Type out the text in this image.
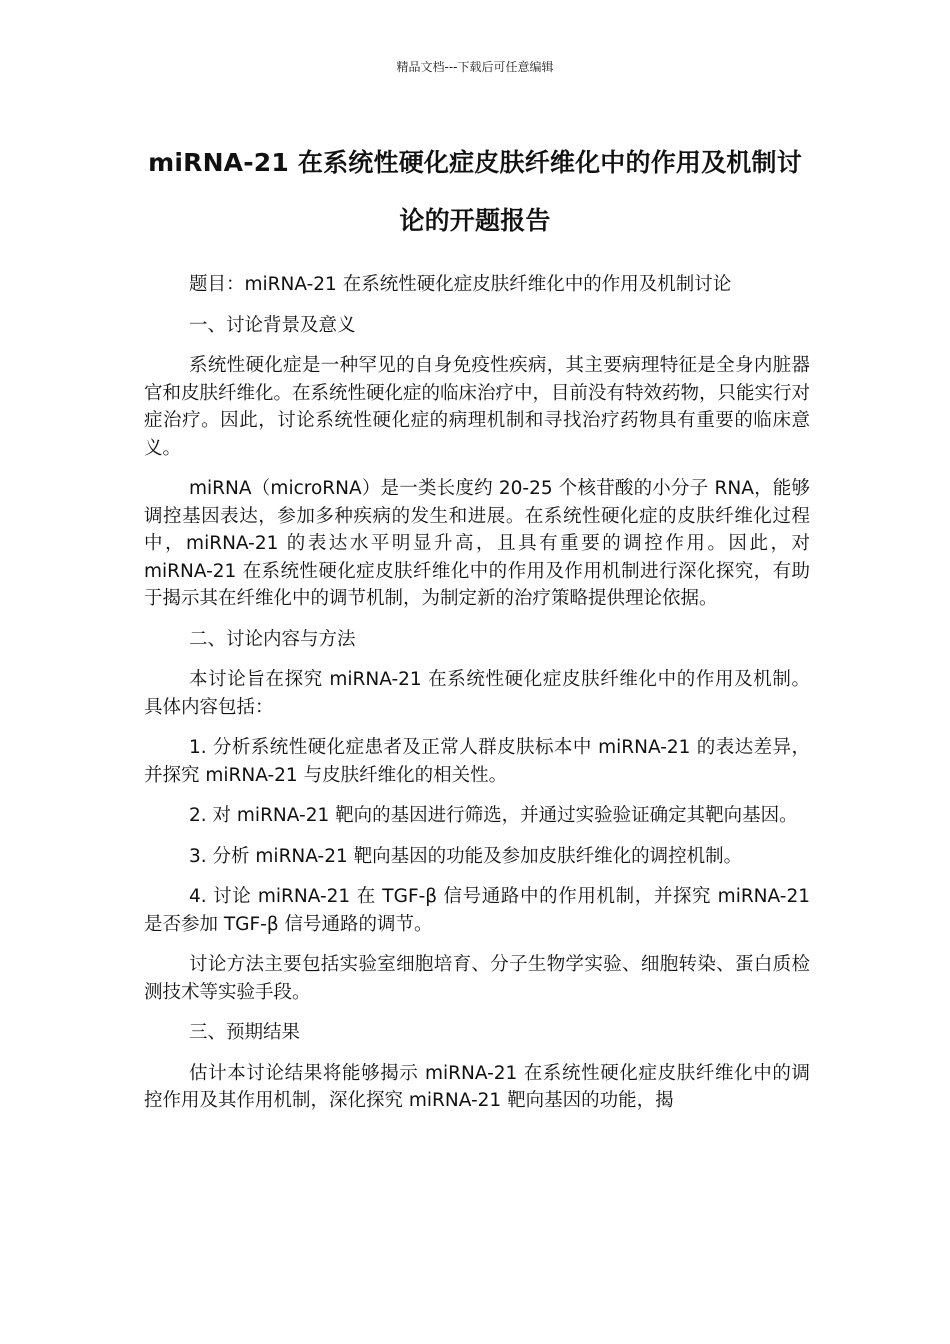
精品文档---下载后可任意编辑
miRNA-21 在系统性硬化症皮肤纤维化中的作用及机制讨论的开题报告

题目：miRNA-21 在系统性硬化症皮肤纤维化中的作用及机制讨论

一、讨论背景及意义

系统性硬化症是一种罕见的自身免疫性疾病，其主要病理特征是全身内脏器官和皮肤纤维化。在系统性硬化症的临床治疗中，目前没有特效药物，只能实行对症治疗。因此，讨论系统性硬化症的病理机制和寻找治疗药物具有重要的临床意义。

miRNA（microRNA）是一类长度约 20-25 个核苷酸的小分子 RNA，能够调控基因表达，参加多种疾病的发生和进展。在系统性硬化症的皮肤纤维化过程中，miRNA-21 的表达水平明显升高，且具有重要的调控作用。因此，对 miRNA-21 在系统性硬化症皮肤纤维化中的作用及作用机制进行深化探究，有助于揭示其在纤维化中的调节机制，为制定新的治疗策略提供理论依据。

二、讨论内容与方法

本讨论旨在探究 miRNA-21 在系统性硬化症皮肤纤维化中的作用及机制。具体内容包括：

1. 分析系统性硬化症患者及正常人群皮肤标本中 miRNA-21 的表达差异，并探究 miRNA-21 与皮肤纤维化的相关性。

2. 对 miRNA-21 靶向的基因进行筛选，并通过实验验证确定其靶向基因。

3. 分析 miRNA-21 靶向基因的功能及参加皮肤纤维化的调控机制。

4. 讨论 miRNA-21 在 TGF-β 信号通路中的作用机制，并探究 miRNA-21 是否参加 TGF-β 信号通路的调节。

讨论方法主要包括实验室细胞培育、分子生物学实验、细胞转染、蛋白质检测技术等实验手段。

三、预期结果

估计本讨论结果将能够揭示 miRNA-21 在系统性硬化症皮肤纤维化中的调控作用及其作用机制，深化探究 miRNA-21 靶向基因的功能，揭
